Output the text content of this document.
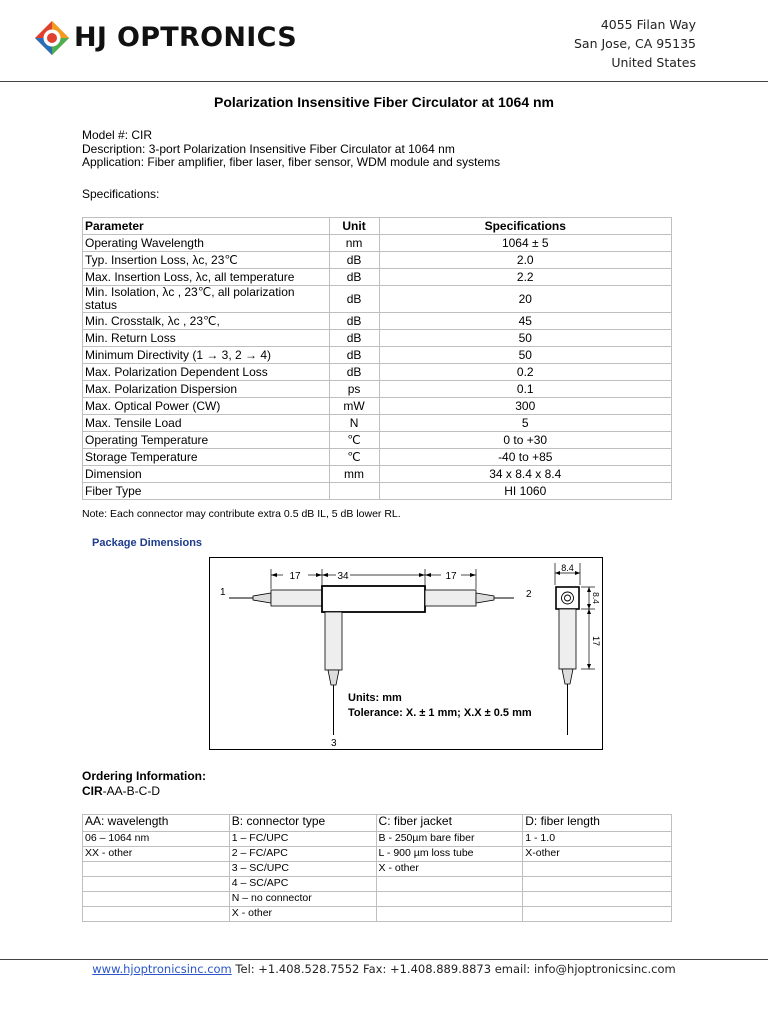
HJ OPTRONICS	4055 Filan Way
San Jose, CA 95135
United States
Polarization Insensitive Fiber Circulator at 1064 nm
Model #: CIR
Description: 3-port Polarization Insensitive Fiber Circulator at 1064 nm
Application: Fiber amplifier, fiber laser, fiber sensor, WDM module and systems
Specifications:
Parameter	Unit	Specifications
Operating Wavelength	nm	1064 ± 5
Typ. Insertion Loss, λc, 23℃	dB	2.0
Max. Insertion Loss, λc, all temperature	dB	2.2
Min. Isolation, λc , 23℃, all polarization status	dB	20
Min. Crosstalk, λc , 23℃,	dB	45
Min. Return Loss	dB	50
Minimum Directivity (1 → 3, 2 → 4)	dB	50
Max. Polarization Dependent Loss	dB	0.2
Max. Polarization Dispersion	ps	0.1
Max. Optical Power (CW)	mW	300
Max. Tensile Load	N	5
Operating Temperature	℃	0 to +30
Storage Temperature	℃	-40 to +85
Dimension	mm	34 x 8.4 x 8.4
Fiber Type		HI 1060
Note: Each connector may contribute extra 0.5 dB IL, 5 dB lower RL.
Package Dimensions
17	34	17
1	2
3
8.4
8.4
17
Units: mm
Tolerance: X. ± 1 mm; X.X ± 0.5 mm
Ordering Information:
CIR-AA-B-C-D
AA: wavelength	B: connector type	C: fiber jacket	D: fiber length
06 – 1064 nm	1 – FC/UPC	B - 250µm bare fiber	1 - 1.0
XX - other	2 – FC/APC	L - 900 µm loss tube	X-other
	3 – SC/UPC	X - other	
	4 – SC/APC		
	N – no connector		
	X - other		
www.hjoptronicsinc.com Tel: +1.408.528.7552 Fax: +1.408.889.8873 email: info@hjoptronicsinc.com
